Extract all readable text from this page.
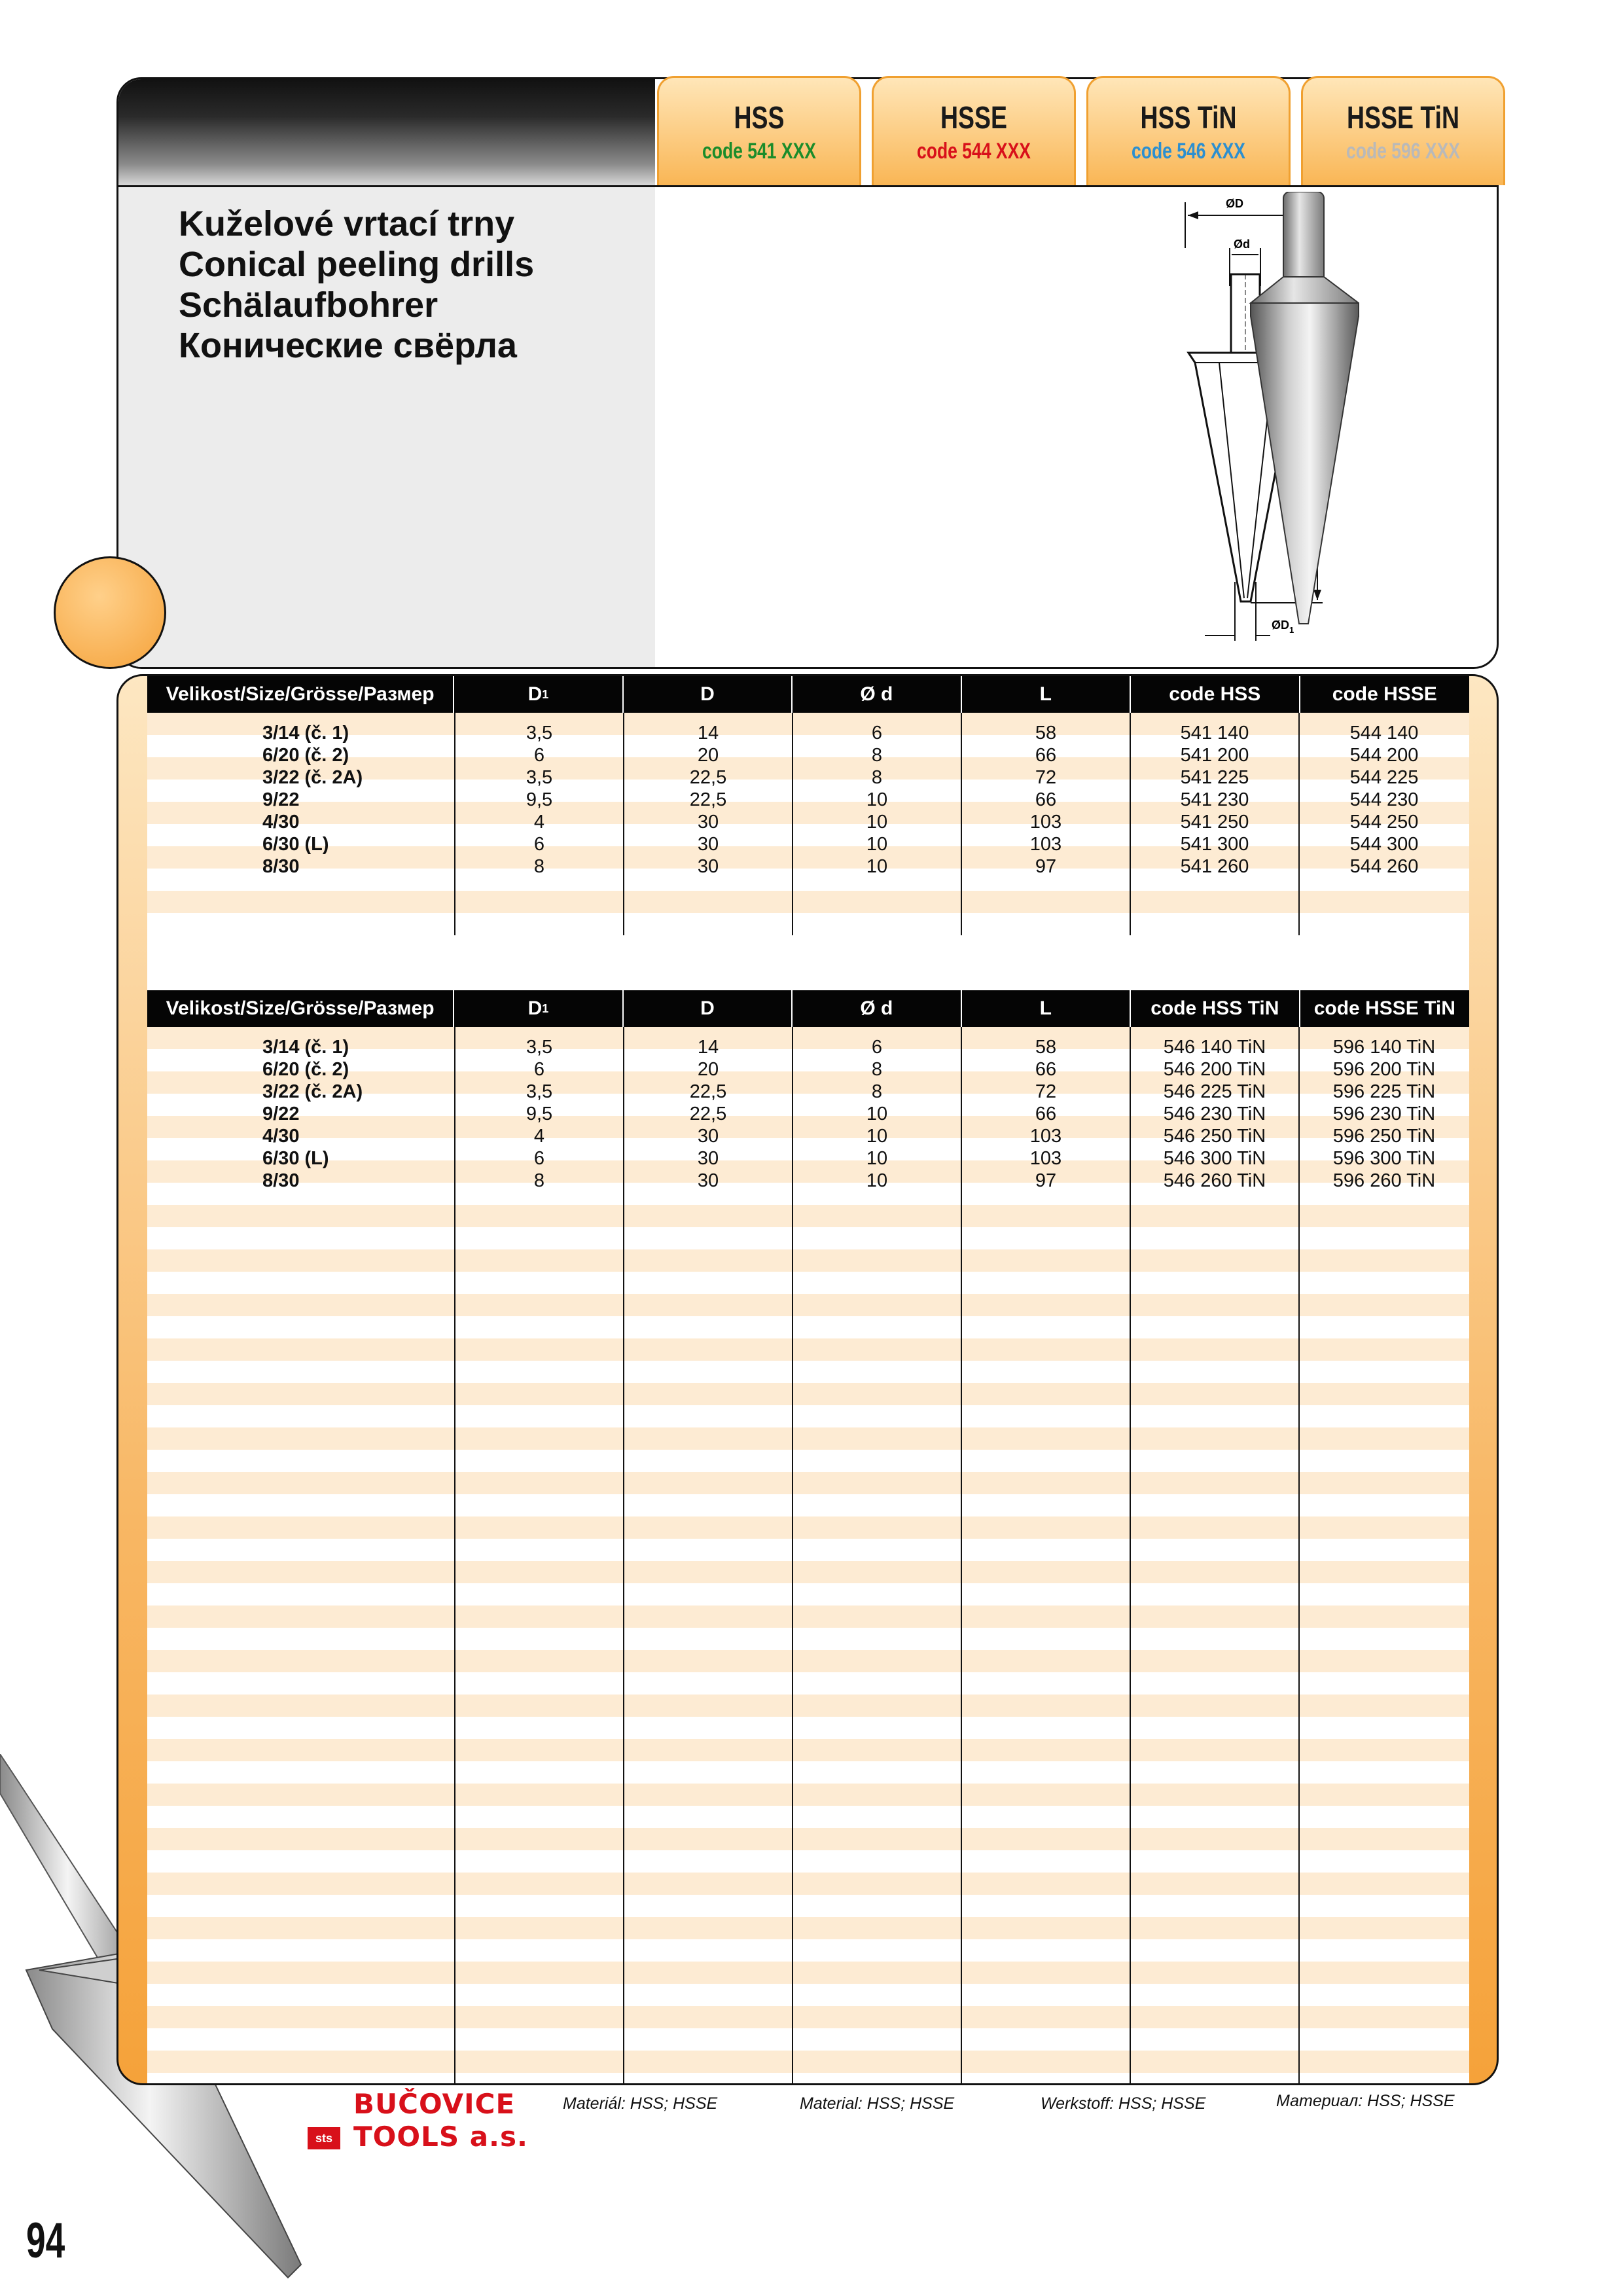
Kuželové vrtací trny
Conical peeling drills
Schälaufbohrer
Конические свёрла
ØD
Ød
$ØD_1$
HSS
code 541 XXX
HSSE
code 544 XXX
HSS TiN
code 546 XXX
HSSE TiN
code 596 XXX
Velikost/Size/Grösse/Размер	D 1	D	Ø d	L	code HSS	code HSSE
3/14 (č. 1)	3,5	14	6	58	541 140	544 140
6/20 (č. 2)	6	20	8	66	541 200	544 200
3/22 (č. 2A)	3,5	22,5	8	72	541 225	544 225
9/22	9,5	22,5	10	66	541 230	544 230
4/30	4	30	10	103	541 250	544 250
6/30 (L)	6	30	10	103	541 300	544 300
8/30	8	30	10	97	541 260	544 260
Velikost/Size/Grösse/Размер	D 1	D	Ø d	L	code HSS TiN	code HSSE TiN
3/14 (č. 1)	3,5	14	6	58	546 140 TiN	596 140 TiN
6/20 (č. 2)	6	20	8	66	546 200 TiN	596 200 TiN
3/22 (č. 2A)	3,5	22,5	8	72	546 225 TiN	596 225 TiN
9/22	9,5	22,5	10	66	546 230 TiN	596 230 TiN
4/30	4	30	10	103	546 250 TiN	596 250 TiN
6/30 (L)	6	30	10	103	546 300 TiN	596 300 TiN
8/30	8	30	10	97	546 260 TiN	596 260 TiN
sts
BUČOVICE
TOOLS a.s.
Materiál: HSS; HSSE	Material: HSS; HSSE	Werkstoff: HSS; HSSE	Материал: HSS; HSSE
94
